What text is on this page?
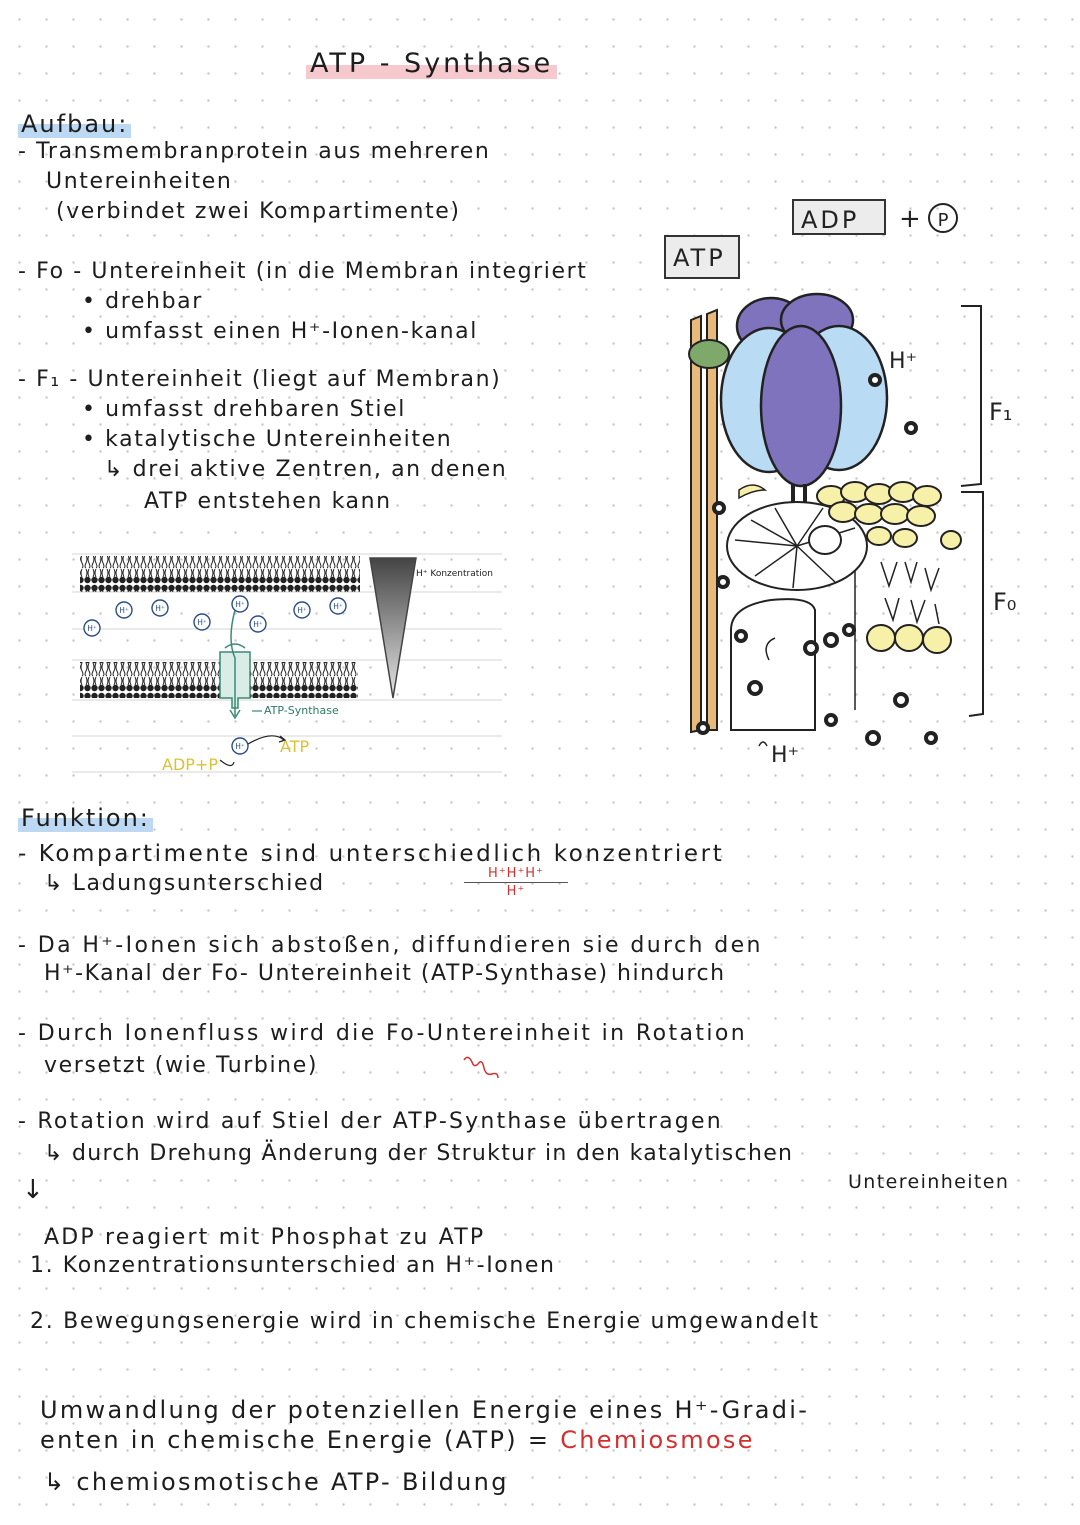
ATP - Synthase
Aufbau:
- Transmembranprotein aus mehreren
Untereinheiten
(verbindet zwei Kompartimente)
- Fo - Untereinheit (in die Membran integriert
• drehbar
• umfasst einen H⁺-Ionen-kanal
- F₁ - Untereinheit (liegt auf Membran)
• umfasst drehbaren Stiel
• katalytische Untereinheiten
↳ drei aktive Zentren, an denen
ATP entstehen kann
ATP-Synthase
H⁺ Konzentration
H⁺
H⁺	H⁺
H⁺
H⁺
H⁺
H⁺	H⁺
H⁺
ADP+P
ATP
ADP + P
ATP
H⁺
H⁺
F₁
F₀
Funktion:
- Kompartimente sind unterschiedlich konzentriert
↳ Ladungsunterschied	H⁺H⁺H⁺
H⁺
- Da H⁺-Ionen sich abstoßen, diffundieren sie durch den
H⁺-Kanal der Fo- Untereinheit (ATP-Synthase) hindurch
- Durch Ionenfluss wird die Fo-Untereinheit in Rotation
versetzt (wie Turbine)
- Rotation wird auf Stiel der ATP-Synthase übertragen
↳ durch Drehung Änderung der Struktur in den katalytischen
Untereinheiten
↓
ADP reagiert mit Phosphat zu ATP
1. Konzentrationsunterschied an H⁺-Ionen
2. Bewegungsenergie wird in chemische Energie umgewandelt
Umwandlung der potenziellen Energie eines H⁺-Gradi-
enten in chemische Energie (ATP) = Chemiosmose
↳ chemiosmotische ATP- Bildung
